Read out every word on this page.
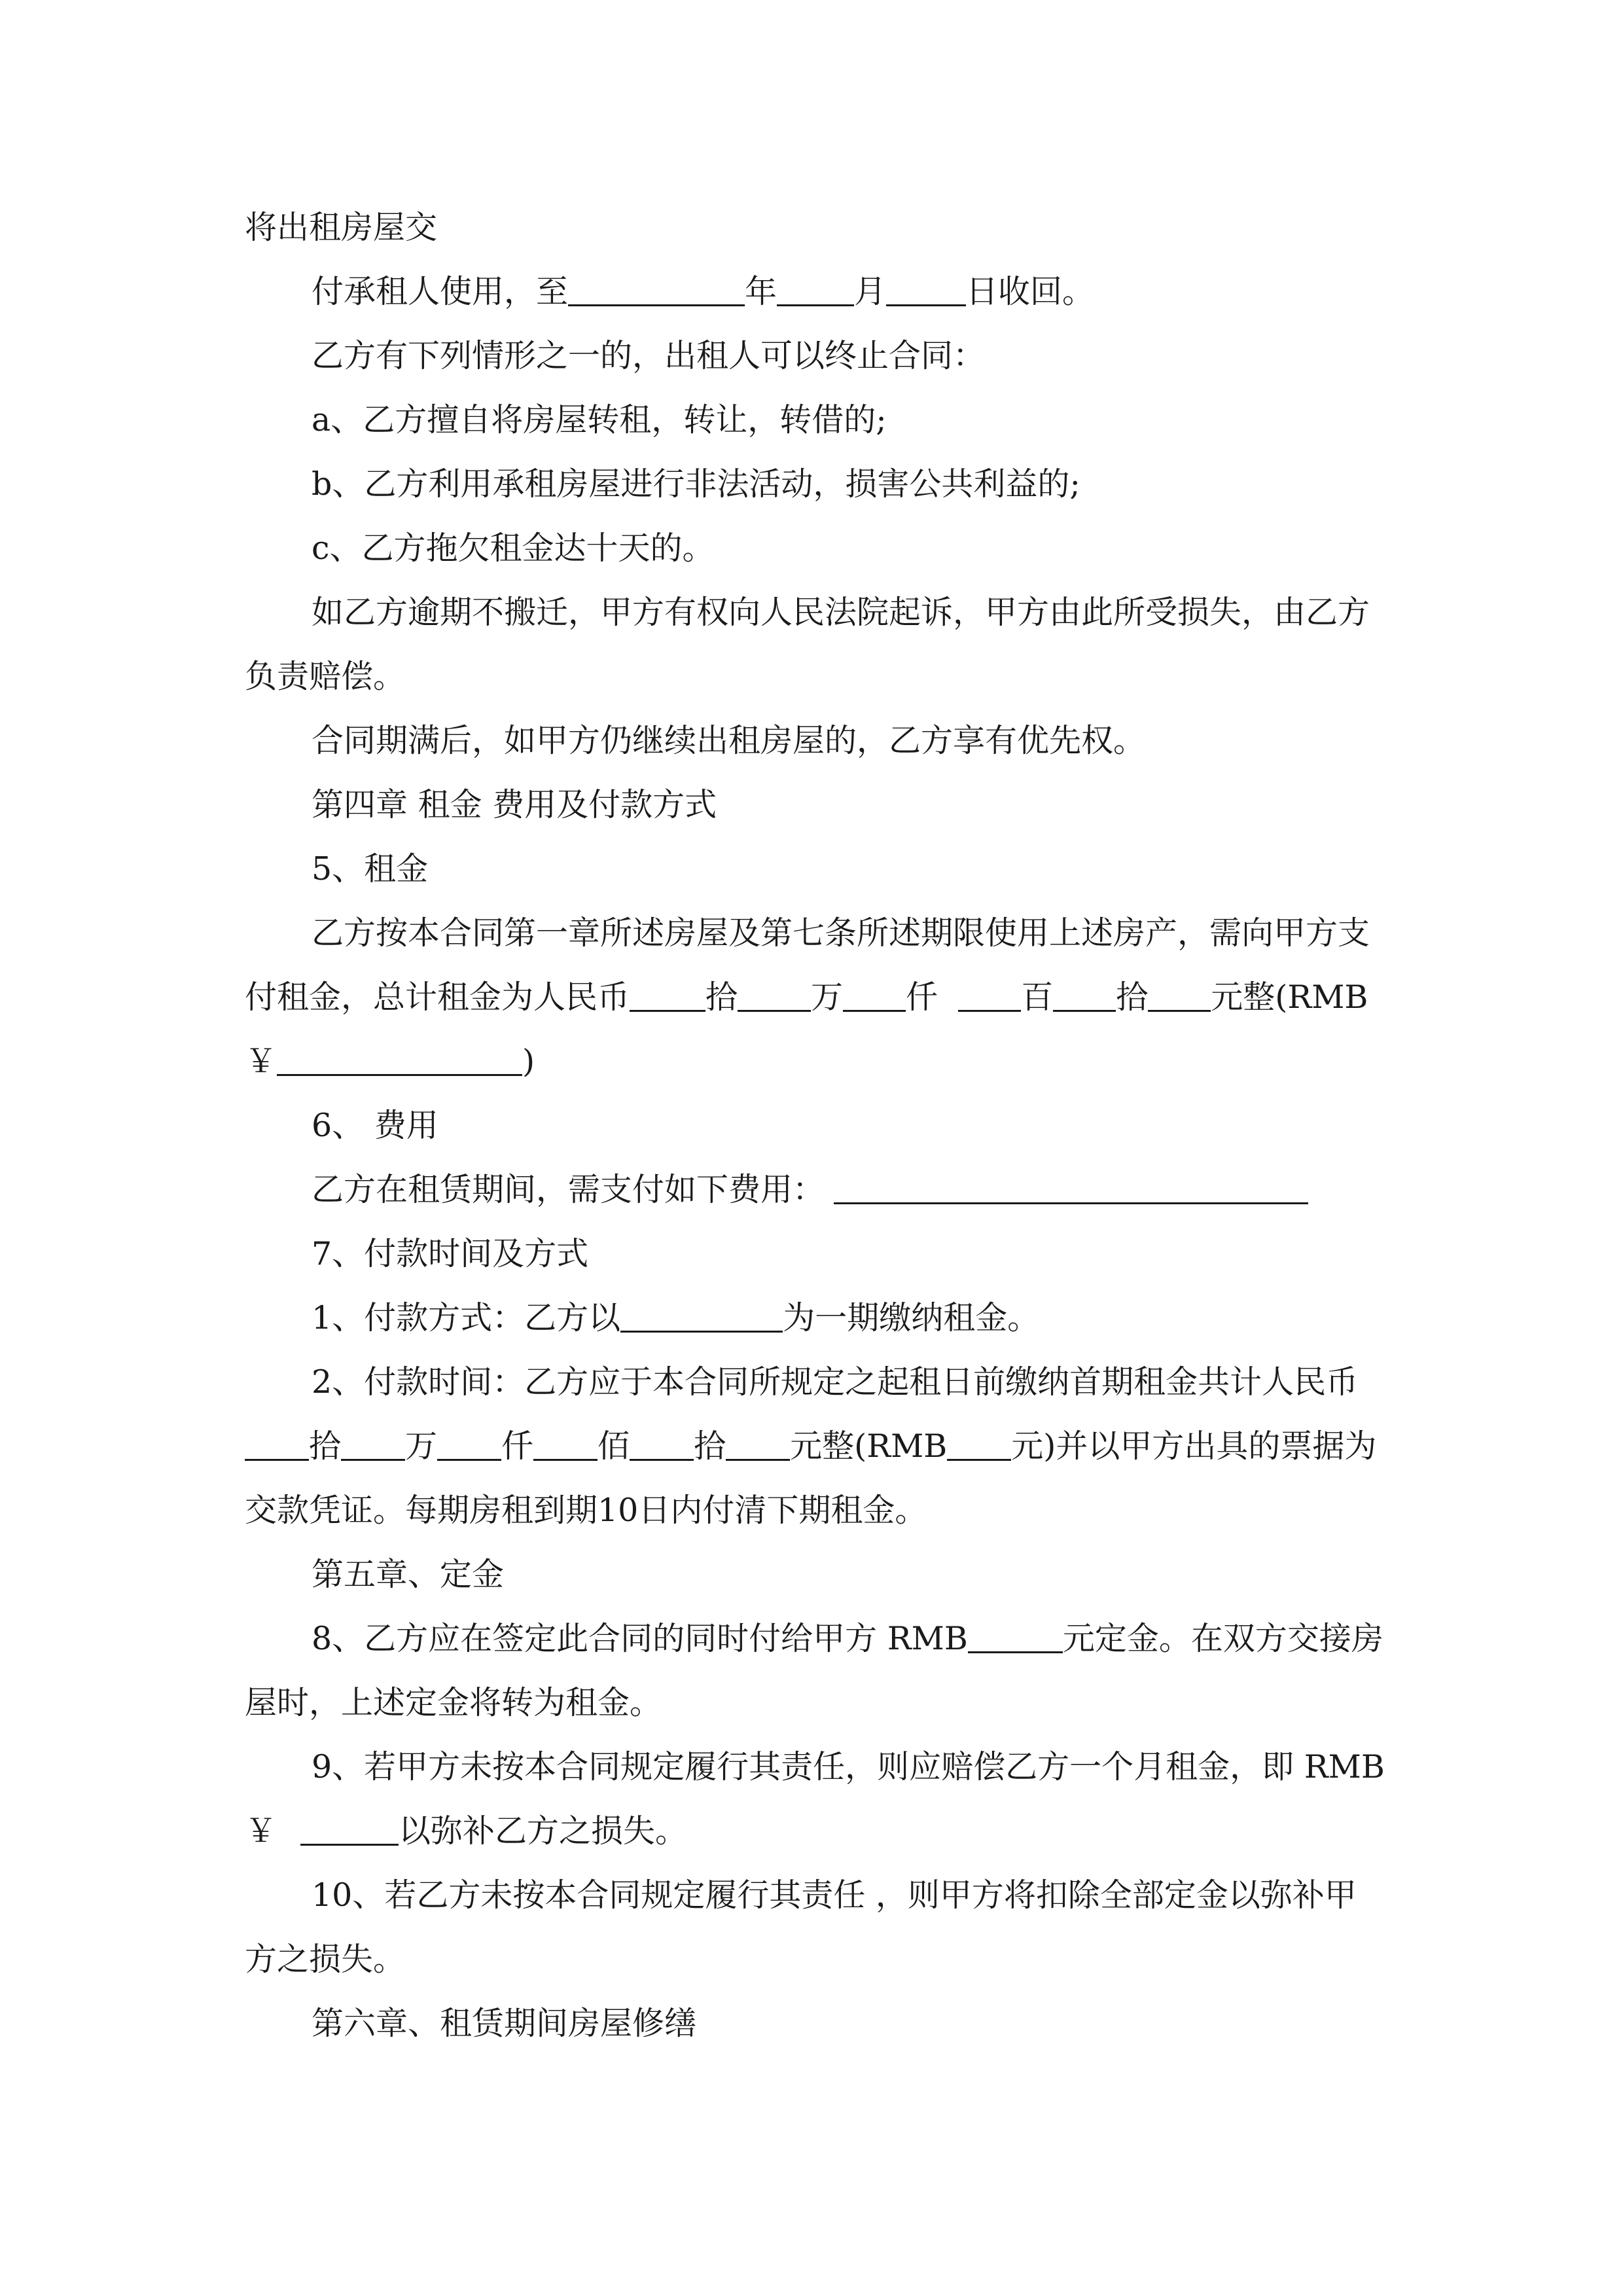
将出租房屋交
付承租人使用，至	年 月 日收回。
乙方有下列情形之一的，出租人可以终止合同：
a、乙方擅自将房屋转租，转让，转借的;
b、乙方利用承租房屋进行非法活动，损害公共利益的;
c、乙方拖欠租金达十天的。
如乙方逾期不搬迁，甲方有权向人民法院起诉，甲方由此所受损失，由乙方
负责赔偿。
合同期满后，如甲方仍继续出租房屋的，乙方享有优先权。
第四章 租金 费用及付款方式
5、租金
乙方按本合同第一章所述房屋及第七条所述期限使用上述房产，需向甲方支
付租金，总计租金为人民币 拾 万 仟	百 拾 元整(RMB
￥	)
6、 费用
乙方在租赁期间，需支付如下费用：
7、付款时间及方式
1、付款方式：乙方以	为一期缴纳租金。
2、付款时间：乙方应于本合同所规定之起租日前缴纳首期租金共计人民币
拾 万 仟 佰 拾 元整(RMB 元)并以甲方出具的票据为
交款凭证。每期房租到期10日内付清下期租金。
第五章、定金
8、乙方应在签定此合同的同时付给甲方 RMB	元定金。在双方交接房
屋时，上述定金将转为租金。
9、若甲方未按本合同规定履行其责任，则应赔偿乙方一个月租金，即 RMB
￥	以弥补乙方之损失。
10、若乙方未按本合同规定履行其责任 ，则甲方将扣除全部定金以弥补甲
方之损失。
第六章、租赁期间房屋修缮
